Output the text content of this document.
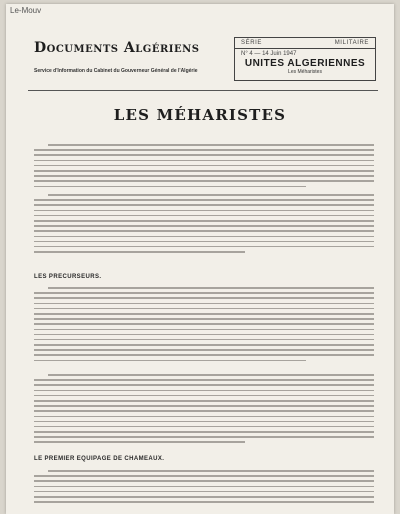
Le-Mouv
Documents Algériens
Service d'Information du Cabinet du Gouverneur Général de l'Algérie
SÉRIE	MILITAIRE
N° 4 — 14 Juin 1947
UNITES ALGERIENNES
Les Méharistes
LES MÉHARISTES
LES PRECURSEURS.
LE PREMIER EQUIPAGE DE CHAMEAUX.
